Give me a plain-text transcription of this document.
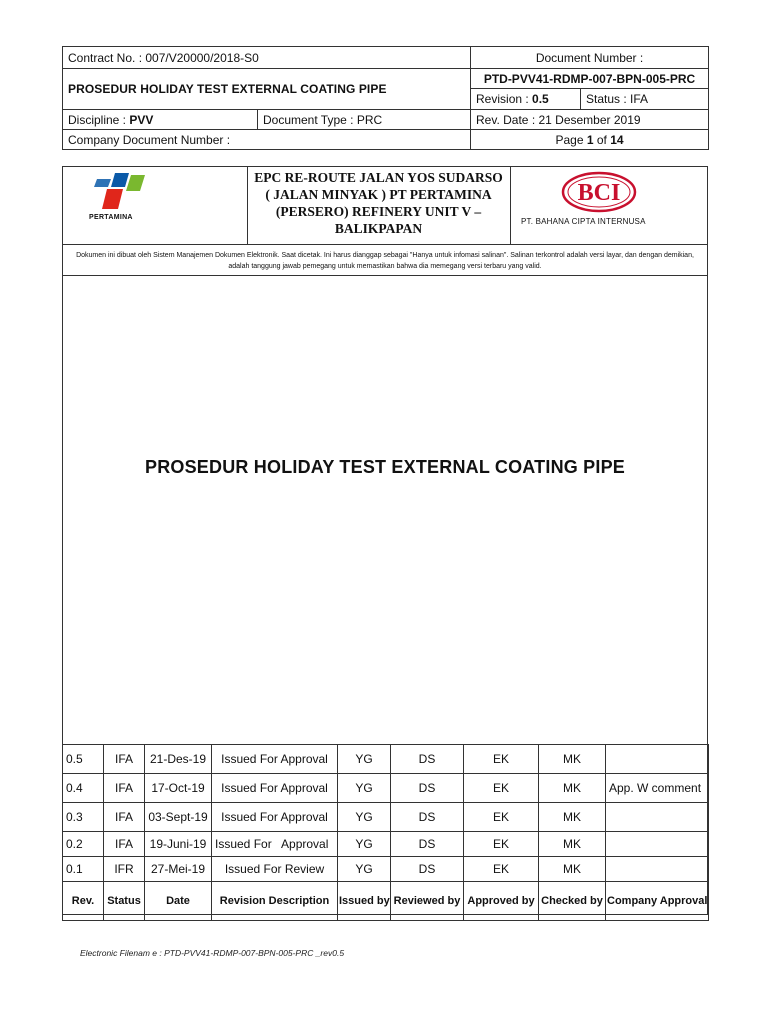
Contract No. : 007/V20000/2018-S0		Document Number :	
PROSEDUR HOLIDAY TEST EXTERNAL COATING PIPE		PTD-PVV41-RDMP-007-BPN-005-PRC	
		Revision : 0.5	Status : IFA
Discipline : PVV	Document Type : PRC	Rev. Date : 21 Desember 2019	
Company Document Number :		Page 1 of 14	
PERTAMINA
EPC RE-ROUTE JALAN YOS SUDARSO
( JALAN MINYAK ) PT PERTAMINA
(PERSERO) REFINERY UNIT V –
BALIKPAPAN
BCI
PT. BAHANA CIPTA INTERNUSA
Dokumen ini dibuat oleh Sistem Manajemen Dokumen Elektronik. Saat dicetak. Ini harus dianggap sebagai "Hanya untuk infomasi salinan". Salinan terkontrol adalah versi layar, dan dengan demikian, adalah tanggung jawab pemegang untuk memastikan bahwa dia memegang versi terbaru yang valid.
PROSEDUR HOLIDAY TEST EXTERNAL COATING PIPE
0.5	IFA	21-Des-19	Issued For Approval	YG	DS	EK	MK	
0.4	IFA	17-Oct-19	Issued For Approval	YG	DS	EK	MK	App. W comment
0.3	IFA	03-Sept-19	Issued For Approval	YG	DS	EK	MK	
0.2	IFA	19-Juni-19	Issued For   Approval	YG	DS	EK	MK	
0.1	IFR	27-Mei-19	Issued For Review	YG	DS	EK	MK	
Rev.	Status	Date	Revision Description	Issued by	Reviewed by	Approved by	Checked by	Company Approval
Electronic Filenam e : PTD-PVV41-RDMP-007-BPN-005-PRC _rev0.5
